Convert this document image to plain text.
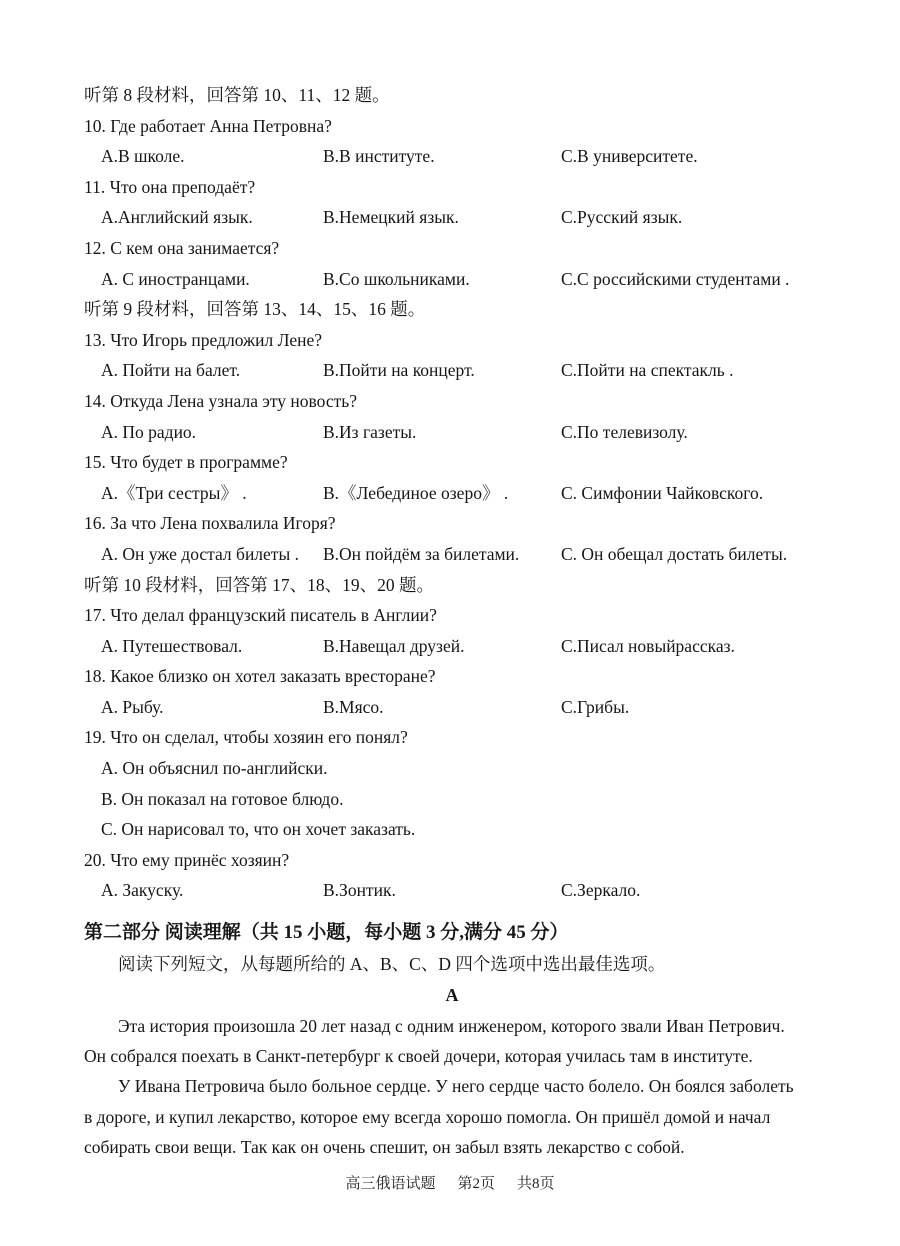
听第 8 段材料，回答第 10、11、12 题。
10. Где работает Анна Петровна?
А.В школе.	В.В институте.	С.В университете.
11. Что она преподаёт?
А.Английский язык.	В.Немецкий язык.	С.Русский язык.
12. С кем она занимается?
А. С иностранцами.	В.Со школьниками.	С.С российскими студентами .
听第 9 段材料，回答第 13、14、15、16 题。
13. Что Игорь предложил Лене?
А. Пойти на балет.	В.Пойти на концерт.	С.Пойти на спектакль .
14. Откуда Лена узнала эту новость?
А. По радио.	В.Из газеты.	С.По телевизолу.
15. Что будет в программе?
А.《Три сестры》 .	В.《Лебединое озеро》 .	С. Симфонии Чайковского.
16. За что Лена похвалила Игоря?
А. Он уже достал билеты .	В.Он пойдём за билетами.	С. Он обещал достать билеты.
听第 10 段材料，回答第 17、18、19、20 题。
17. Что делал французский писатель в Англии?
А. Путешествовал.	В.Навещал друзей.	С.Писал новыйрассказ.
18. Какое близко он хотел заказать вресторане?
А. Рыбу.	В.Мясо.	С.Грибы.
19. Что он сделал, чтобы хозяин его понял?
А. Он объяснил по-английски.
В. Он показал на готовое блюдо.
С. Он нарисовал то, что он хочет заказать.
20. Что ему принёс хозяин?
А. Закуску.	В.Зонтик.	С.Зеркало.
第二部分 阅读理解（共 15 小题，每小题 3 分,满分 45 分）
阅读下列短文，从每题所给的 А、В、С、D 四个选项中选出最佳选项。
А
Эта история произошла 20 лет назад с одним инженером, которого звали Иван Петрович.
Он собрался поехать в Санкт-петербург к своей дочери, которая училась там в институте.
У Ивана Петровича было больное сердце. У него сердце часто болело. Он боялся заболеть
в дороге, и купил лекарство, которое ему всегда хорошо помогла. Он пришёл домой и начал
собирать свои вещи. Так как он очень спешит, он забыл взять лекарство с собой.
高三俄语试题 第2页 共8页
